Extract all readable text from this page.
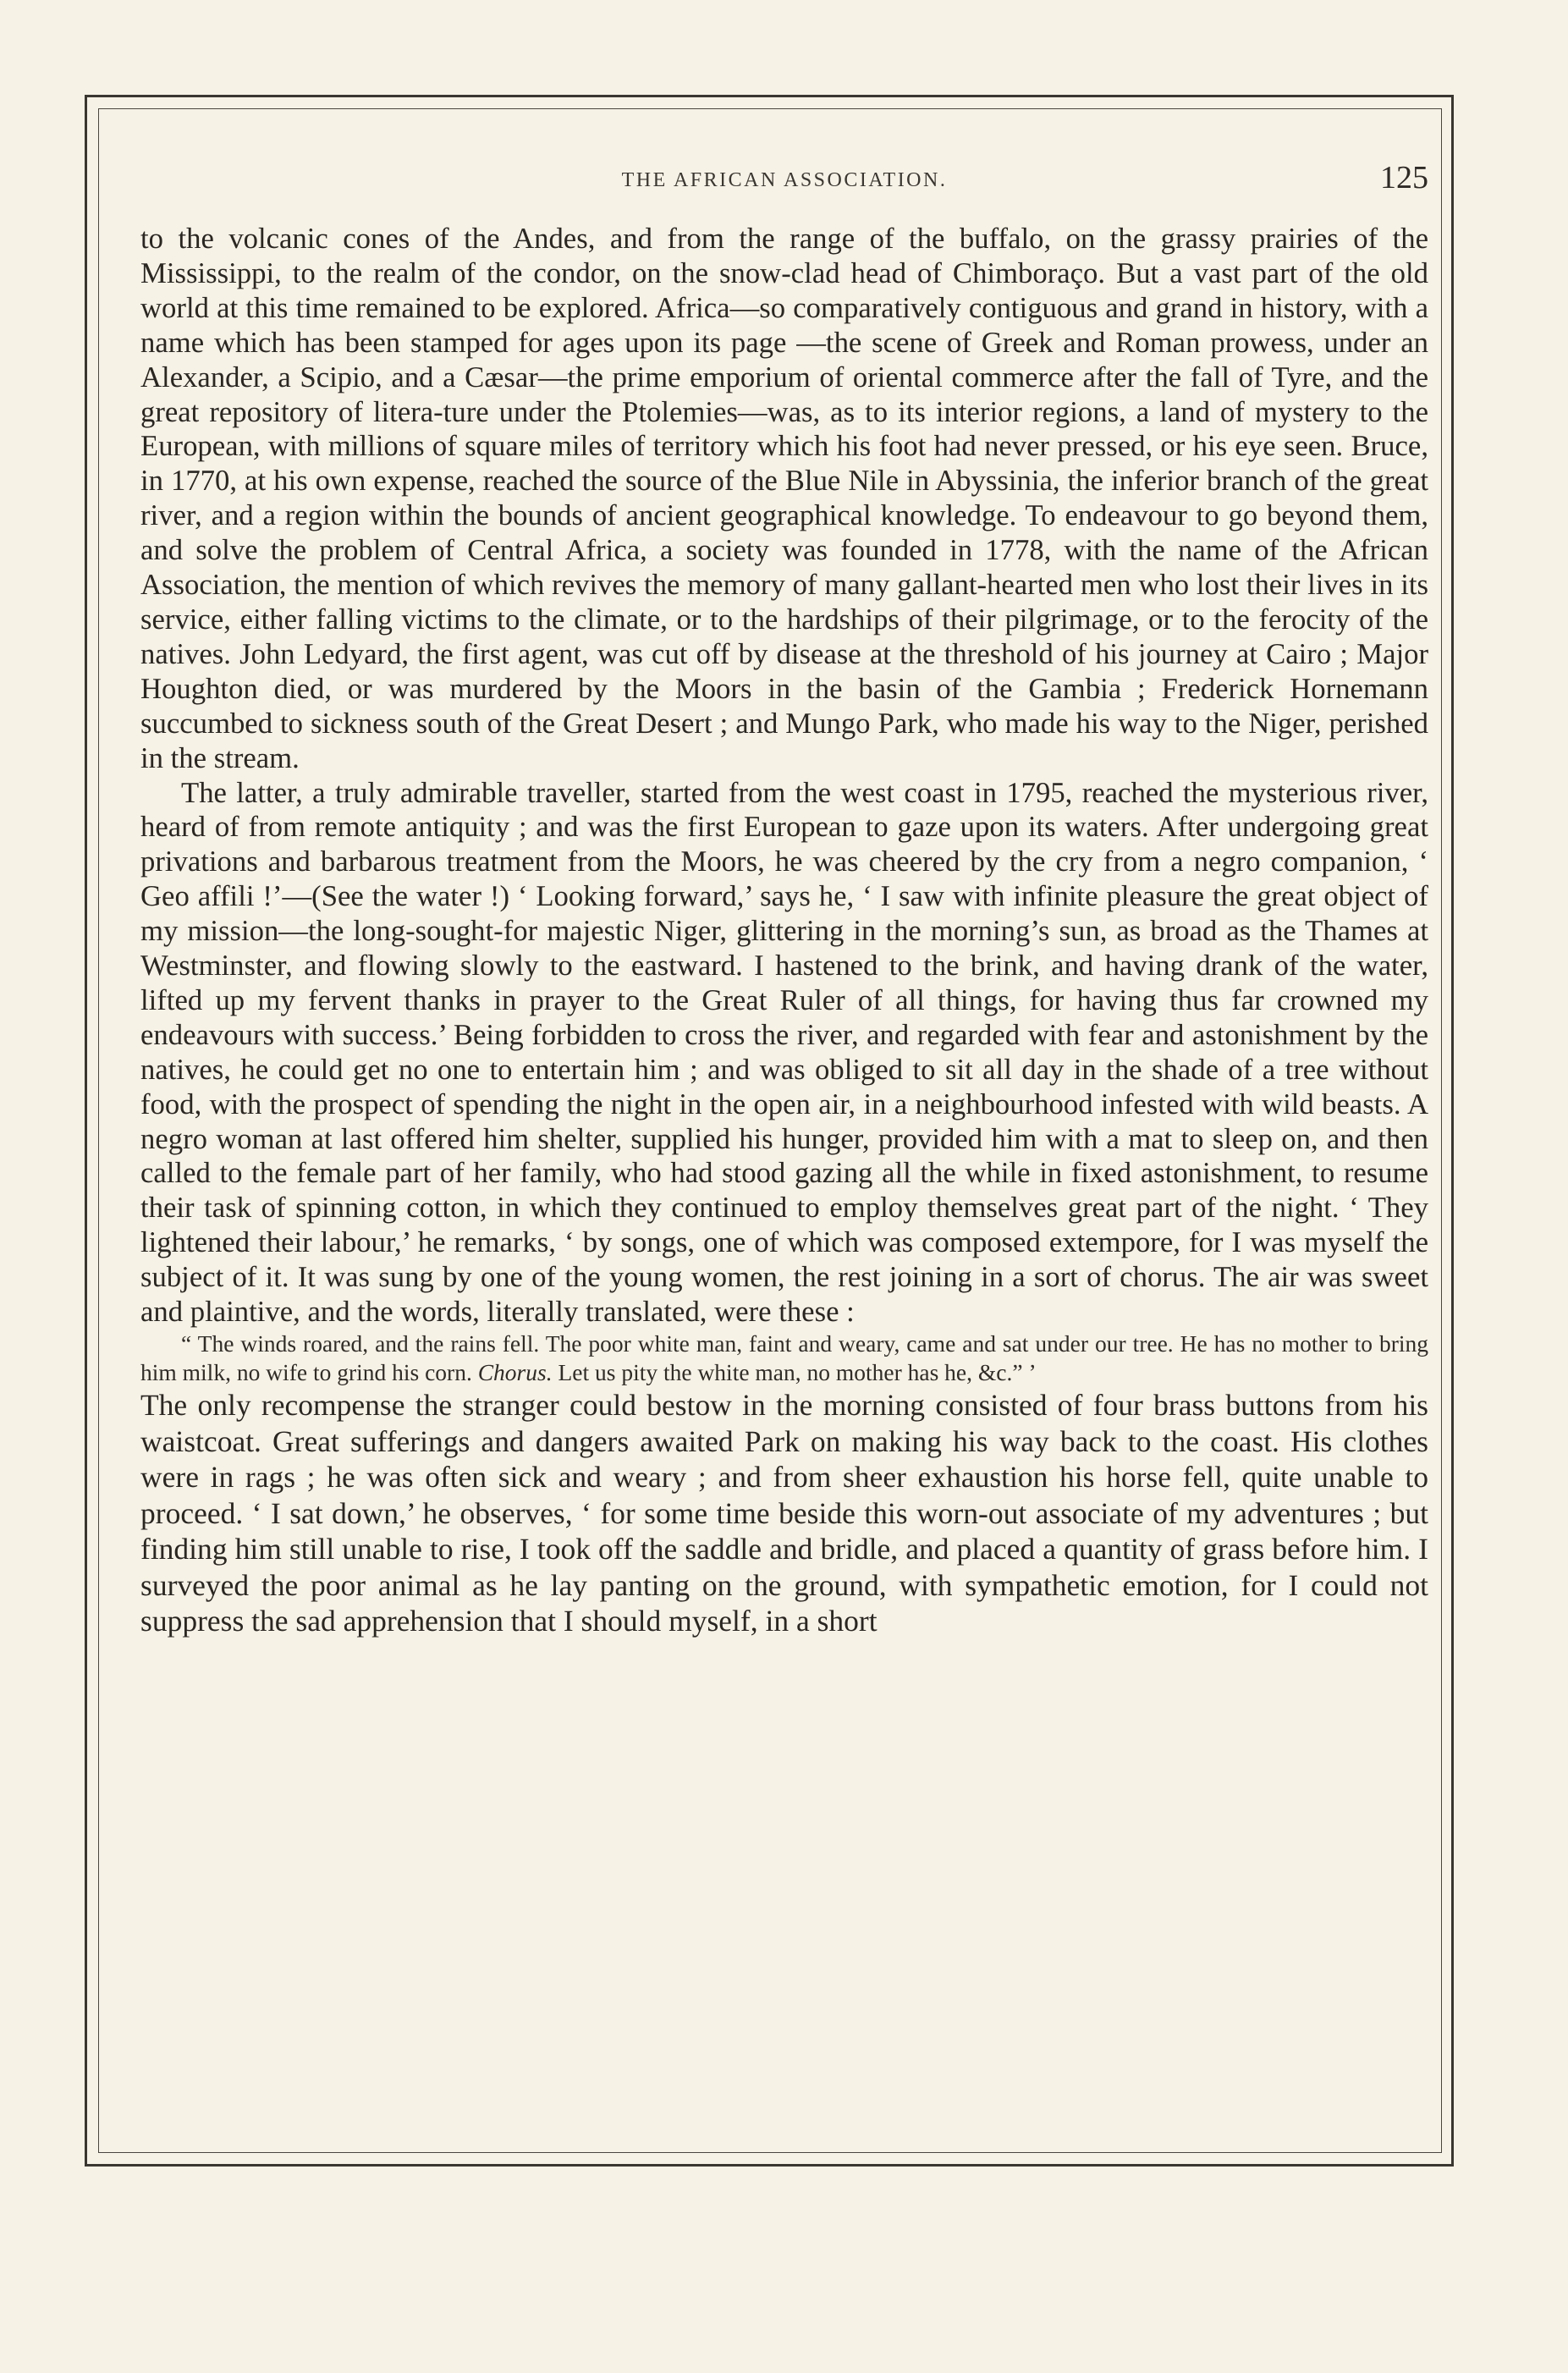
THE AFRICAN ASSOCIATION.	125

to the volcanic cones of the Andes, and from the range of the buffalo, on the grassy prairies of the Mississippi, to the realm of the condor, on the snow-clad head of Chimboraço. But a vast part of the old world at this time remained to be explored. Africa—so comparatively contiguous and grand in history, with a name which has been stamped for ages upon its page —the scene of Greek and Roman prowess, under an Alexander, a Scipio, and a Cæsar—the prime emporium of oriental commerce after the fall of Tyre, and the great repository of litera-ture under the Ptolemies—was, as to its interior regions, a land of mystery to the European, with millions of square miles of territory which his foot had never pressed, or his eye seen. Bruce, in 1770, at his own expense, reached the source of the Blue Nile in Abyssinia, the inferior branch of the great river, and a region within the bounds of ancient geographical knowledge. To endeavour to go beyond them, and solve the problem of Central Africa, a society was founded in 1778, with the name of the African Association, the mention of which revives the memory of many gallant-hearted men who lost their lives in its service, either falling victims to the climate, or to the hardships of their pilgrimage, or to the ferocity of the natives. John Ledyard, the first agent, was cut off by disease at the threshold of his journey at Cairo ; Major Houghton died, or was murdered by the Moors in the basin of the Gambia ; Frederick Hornemann succumbed to sickness south of the Great Desert ; and Mungo Park, who made his way to the Niger, perished in the stream.

The latter, a truly admirable traveller, started from the west coast in 1795, reached the mysterious river, heard of from remote antiquity ; and was the first European to gaze upon its waters. After undergoing great privations and barbarous treatment from the Moors, he was cheered by the cry from a negro companion, ‘ Geo affili !’—(See the water !) ‘ Looking forward,’ says he, ‘ I saw with infinite pleasure the great object of my mission—the long-sought-for majestic Niger, glittering in the morning’s sun, as broad as the Thames at Westminster, and flowing slowly to the eastward. I hastened to the brink, and having drank of the water, lifted up my fervent thanks in prayer to the Great Ruler of all things, for having thus far crowned my endeavours with success.’ Being forbidden to cross the river, and regarded with fear and astonishment by the natives, he could get no one to entertain him ; and was obliged to sit all day in the shade of a tree without food, with the prospect of spending the night in the open air, in a neighbourhood infested with wild beasts. A negro woman at last offered him shelter, supplied his hunger, provided him with a mat to sleep on, and then called to the female part of her family, who had stood gazing all the while in fixed astonishment, to resume their task of spinning cotton, in which they continued to employ themselves great part of the night. ‘ They lightened their labour,’ he remarks, ‘ by songs, one of which was composed extempore, for I was myself the subject of it. It was sung by one of the young women, the rest joining in a sort of chorus. The air was sweet and plaintive, and the words, literally translated, were these :

“ The winds roared, and the rains fell. The poor white man, faint and weary, came and sat under our tree. He has no mother to bring him milk, no wife to grind his corn. Chorus. Let us pity the white man, no mother has he, &c.” ’

The only recompense the stranger could bestow in the morning consisted of four brass buttons from his waistcoat. Great sufferings and dangers awaited Park on making his way back to the coast. His clothes were in rags ; he was often sick and weary ; and from sheer exhaustion his horse fell, quite unable to proceed. ‘ I sat down,’ he observes, ‘ for some time beside this worn-out associate of my adventures ; but finding him still unable to rise, I took off the saddle and bridle, and placed a quantity of grass before him. I surveyed the poor animal as he lay panting on the ground, with sympathetic emotion, for I could not suppress the sad apprehension that I should myself, in a short
